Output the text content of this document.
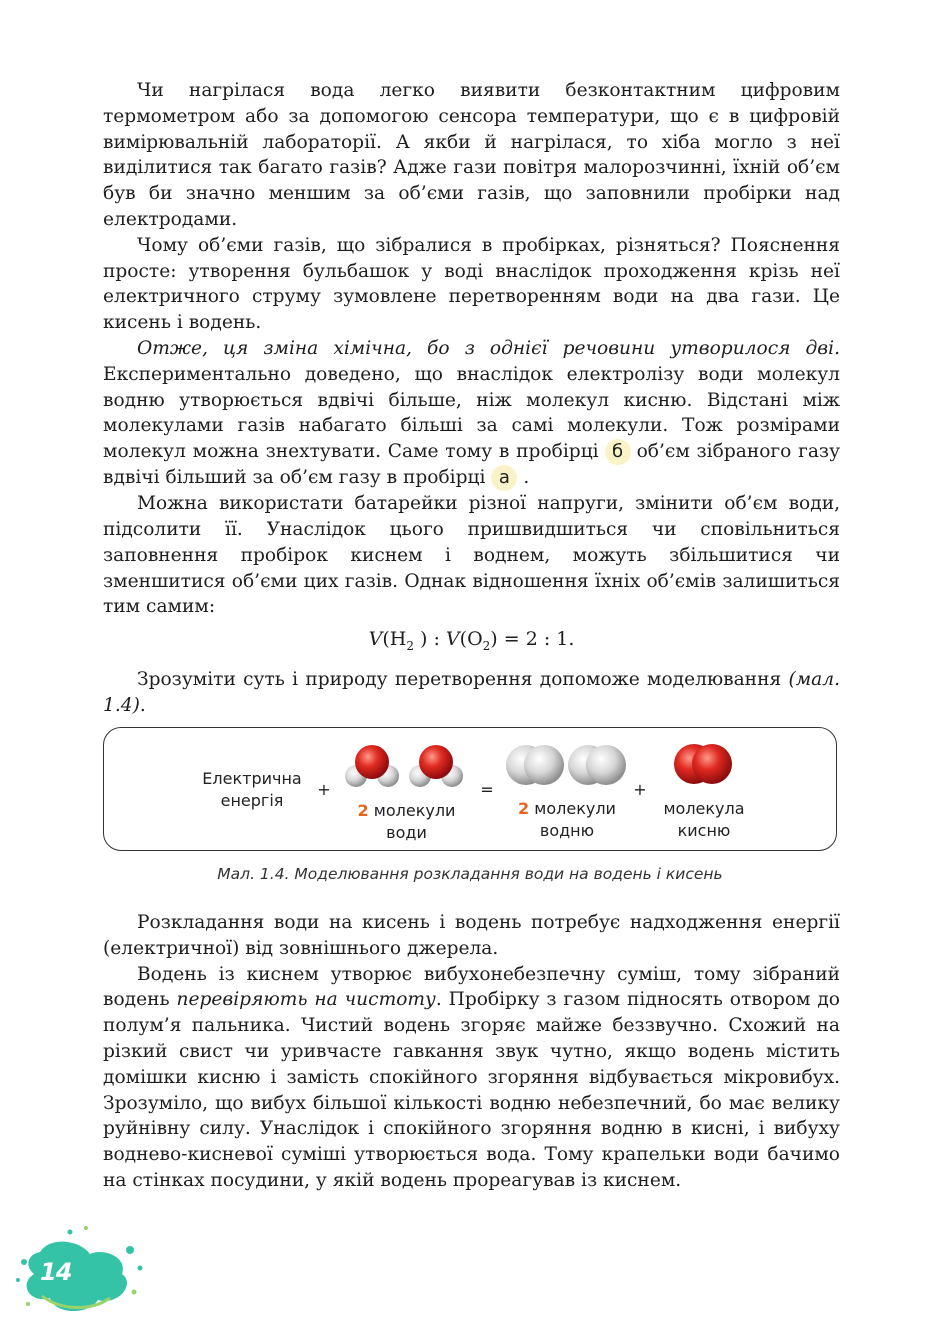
Чи нагрілася вода легко виявити безконтактним цифровим термометром або за допомогою сенсора температури, що є в цифровій вимірювальній лабораторії. А якби й нагрілася, то хіба могло з неї виділитися так багато газів? Адже гази повітря малорозчинні, їхній об’єм був би значно меншим за об’єми газів, що заповнили пробірки над електродами.

Чому об’єми газів, що зібралися в пробірках, різняться? Пояснення просте: утворення бульбашок у воді внаслідок проходження крізь неї електричного струму зумовлене перетворенням води на два гази. Це кисень і водень.

Отже, ця зміна хімічна, бо з однієї речовини утворилося дві. Експериментально доведено, що внаслідок електролізу води молекул водню утворюється вдвічі більше, ніж молекул кисню. Відстані між молекулами газів набагато більші за самі молекули. Тож розмірами молекул можна знехтувати. Саме тому в пробірці б об’єм зібраного газу вдвічі більший за об’єм газу в пробірці а .

Можна використати батарейки різної напруги, змінити об’єм води, підсолити її. Унаслідок цього пришвидшиться чи сповільниться заповнення пробірок киснем і воднем, можуть збільшитися чи зменшитися об’єми цих газів. Однак відношення їхніх об’ємів залишиться тим самим:

$V(H_2$ ) : $V(O_2) = 2$ : 1.

Зрозуміти суть і природу перетворення допоможе моделювання (мал. 1.4).

Електрична
енергія
+
2 молекули
води
=
2 молекули
водню
+
молекула
кисню
Мал. 1.4. Моделювання розкладання води на водень і кисень

Розкладання води на кисень і водень потребує надходження енергії (електричної) від зовнішнього джерела.

Водень із киснем утворює вибухонебезпечну суміш, тому зібраний водень перевіряють на чистоту. Пробірку з газом підносять отвором до полум’я пальника. Чистий водень згоряє майже беззвучно. Схожий на різкий свист чи уривчасте гавкання звук чутно, якщо водень містить домішки кисню і замість спокійного згоряння відбувається мікровибух. Зрозуміло, що вибух більшої кількості водню небезпечний, бо має велику руйнівну силу. Унаслідок і спокійного згоряння водню в кисні, і вибуху воднево-кисневої суміші утворюється вода. Тому крапельки води бачимо на стінках посудини, у якій водень прореагував із киснем.

14
